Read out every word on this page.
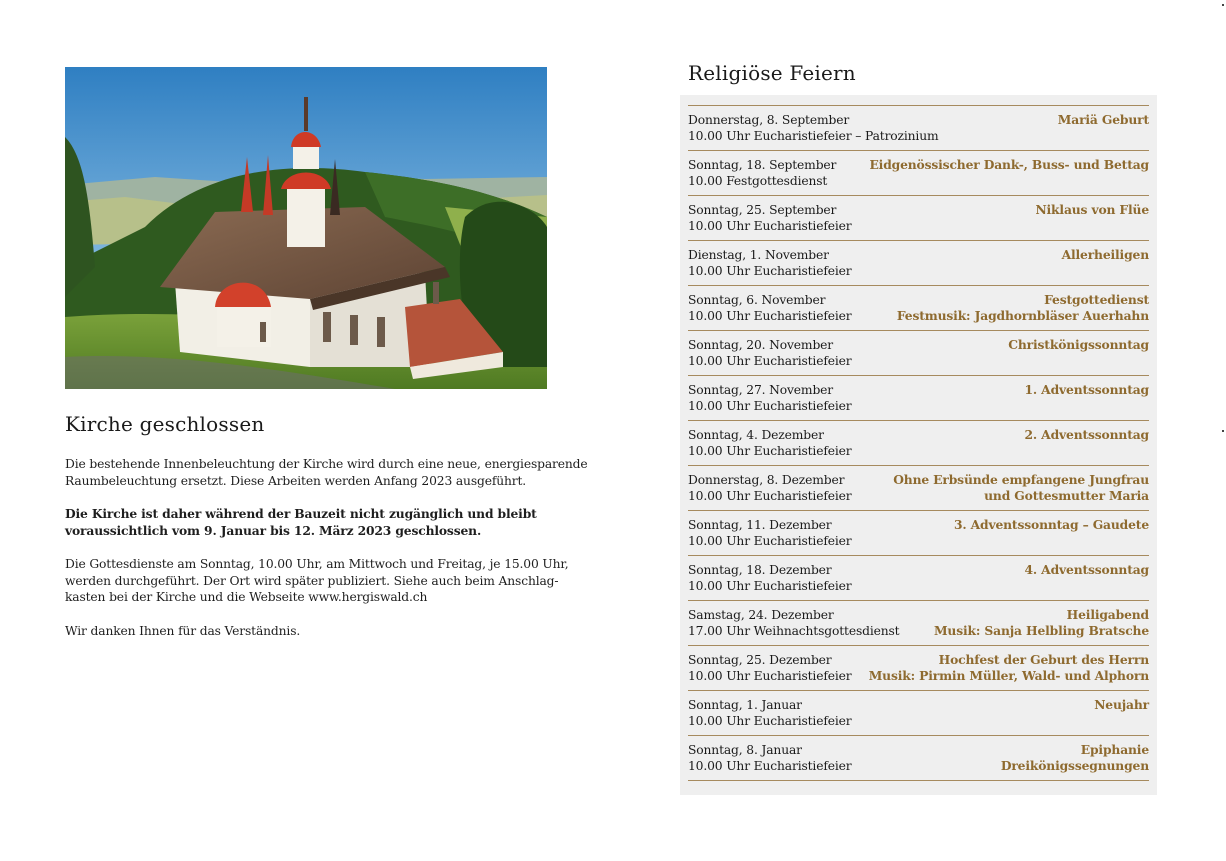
Kirche geschlossen

Die bestehende Innenbeleuchtung der Kirche wird durch eine neue, energiesparende
Raumbeleuchtung ersetzt. Diese Arbeiten werden Anfang 2023 ausgeführt.

Die Kirche ist daher während der Bauzeit nicht zugänglich und bleibt
voraussichtlich vom 9. Januar bis 12. März 2023 geschlossen.

Die Gottesdienste am Sonntag, 10.00 Uhr, am Mittwoch und Freitag, je 15.00 Uhr,
werden durchgeführt. Der Ort wird später publiziert. Siehe auch beim Anschlag-
kasten bei der Kirche und die Webseite www.hergiswald.ch

Wir danken Ihnen für das Verständnis.

Religiöse Feiern
Donnerstag, 8. September
10.00 Uhr Eucharistiefeier – Patrozinium
Mariä Geburt
Sonntag, 18. September
10.00 Festgottesdienst
Eidgenössischer Dank-, Buss- und Bettag
Sonntag, 25. September
10.00 Uhr Eucharistiefeier
Niklaus von Flüe
Dienstag, 1. November
10.00 Uhr Eucharistiefeier
Allerheiligen
Sonntag, 6. November
10.00 Uhr Eucharistiefeier
Festgottedienst
Festmusik: Jagdhornbläser Auerhahn
Sonntag, 20. November
10.00 Uhr Eucharistiefeier
Christkönigssonntag
Sonntag, 27. November
10.00 Uhr Eucharistiefeier
1. Adventssonntag
Sonntag, 4. Dezember
10.00 Uhr Eucharistiefeier
2. Adventssonntag
Donnerstag, 8. Dezember
10.00 Uhr Eucharistiefeier
Ohne Erbsünde empfangene Jungfrau
und Gottesmutter Maria
Sonntag, 11. Dezember
10.00 Uhr Eucharistiefeier
3. Adventssonntag – Gaudete
Sonntag, 18. Dezember
10.00 Uhr Eucharistiefeier
4. Adventssonntag
Samstag, 24. Dezember
17.00 Uhr Weihnachtsgottesdienst
Heiligabend
Musik: Sanja Helbling Bratsche
Sonntag, 25. Dezember
10.00 Uhr Eucharistiefeier
Hochfest der Geburt des Herrn
Musik: Pirmin Müller, Wald- und Alphorn
Sonntag, 1. Januar
10.00 Uhr Eucharistiefeier
Neujahr
Sonntag, 8. Januar
10.00 Uhr Eucharistiefeier
Epiphanie
Dreikönigssegnungen
